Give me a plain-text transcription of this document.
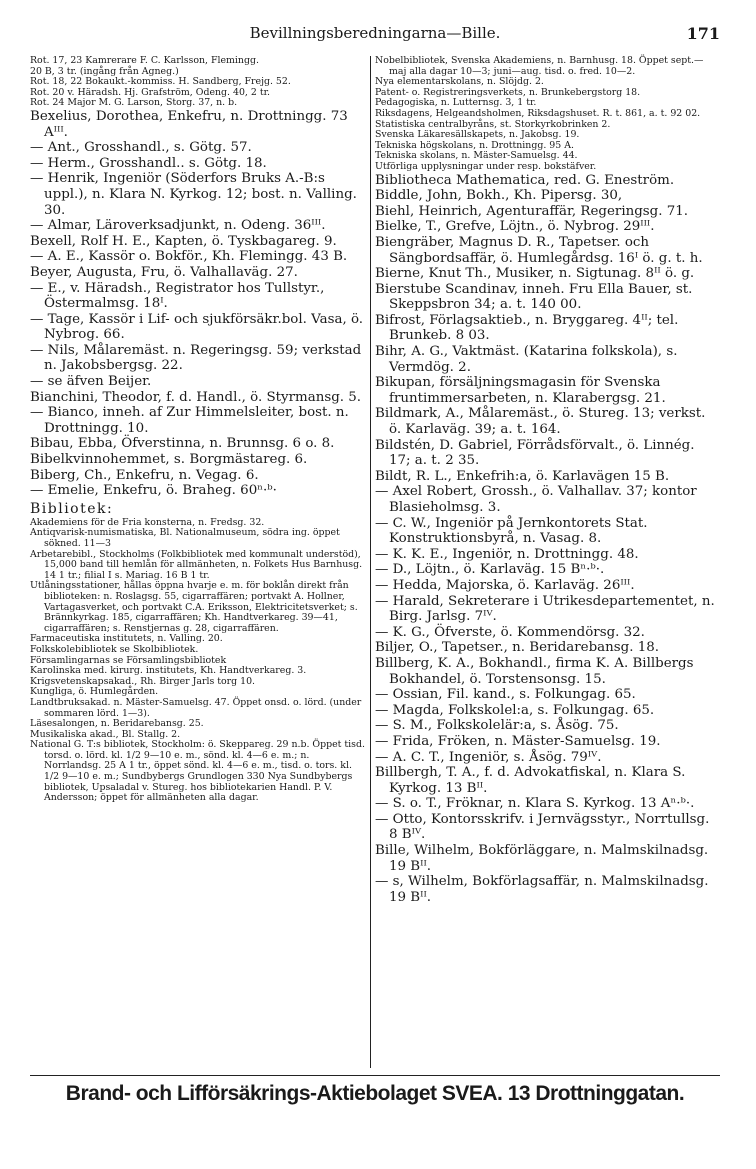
Bevillningsberedningarna—Bille.	171

Rot. 17, 23 Kamrerare F. C. Karlsson, Flemingg.

20 B, 3 tr. (ingång från Agneg.)

Rot. 18, 22 Bokaukt.-kommiss. H. Sandberg, Frejg. 52.

Rot. 20 v. Häradsh. Hj. Grafström, Odeng. 40, 2 tr.

Rot. 24 Major M. G. Larson, Storg. 37, n. b.

Bexelius, Dorothea, Enkefru, n. Drottningg. 73 Aᴵᴵᴵ.

— Ant., Grosshandl., s. Götg. 57.

— Herm., Grosshandl.. s. Götg. 18.

— Henrik, Ingeniör (Söderfors Bruks A.-B:s uppl.), n. Klara N. Kyrkog. 12; bost. n. Valling. 30.

— Almar, Läroverksadjunkt, n. Odeng. 36ᴵᴵᴵ.

Bexell, Rolf H. E., Kapten, ö. Tyskbagareg. 9.

— A. E., Kassör o. Bokför., Kh. Flemingg. 43 B.

Beyer, Augusta, Fru, ö. Valhallaväg. 27.

— E., v. Häradsh., Registrator hos Tullstyr., Östermalmsg. 18ᴵ.

— Tage, Kassör i Lif- och sjukförsäkr.bol. Vasa, ö. Nybrog. 66.

— Nils, Målaremäst. n. Regeringsg. 59; verkstad n. Jakobsbergsg. 22.

— se äfven Beijer.

Bianchini, Theodor, f. d. Handl., ö. Styrmansg. 5.

— Bianco, inneh. af Zur Himmelsleiter, bost. n. Drottningg. 10.

Bibau, Ebba, Öfverstinna, n. Brunnsg. 6 o. 8.

Bibelkvinnohemmet, s. Borgmästareg. 6.

Biberg, Ch., Enkefru, n. Vegag. 6.

— Emelie, Enkefru, ö. Braheg. 60ⁿ·ᵇ·

Bibliotek:

Akademiens för de Fria konsterna, n. Fredsg. 32.

Antiqvarisk-numismatiska, Bl. Nationalmuseum, södra ing. öppet sökned. 11—3

Arbetarebibl., Stockholms (Folkbibliotek med kommunalt understöd), 15,000 band till hemlån för allmänheten, n. Folkets Hus Barnhusg. 14 1 tr.; filial I s. Mariag. 16 B 1 tr.

Utlåningsstationer, hållas öppna hvarje e. m. för boklån direkt från biblioteken: n. Roslagsg. 55, cigarraffären; portvakt A. Hollner, Vartagasverket, och portvakt C.A. Eriksson, Elektricitetsverket; s. Brännkyrkag. 185, cigarraffären; Kh. Handtverkareg. 39—41, cigarraffären; s. Renstjernas g. 28, cigarraffären.

Farmaceutiska institutets, n. Valling. 20.

Folkskolebibliotek se Skolbibliotek.

Församlingarnas se Församlingsbibliotek

Karolinska med. kirurg. institutets, Kh. Handtverkareg. 3.

Krigsvetenskapsakad., Rh. Birger Jarls torg 10.

Kungliga, ö. Humlegården.

Landtbruksakad. n. Mäster-Samuelsg. 47. Öppet onsd. o. lörd. (under sommaren lörd. 1—3).

Läsesalongen, n. Beridarebansg. 25.

Musikaliska akad., Bl. Stallg. 2.

National G. T:s bibliotek, Stockholm: ö. Skeppareg. 29 n.b. Öppet tisd. torsd. o. lörd. kl. 1/2 9—10 e. m., sönd. kl. 4—6 e. m.; n. Norrlandsg. 25 A 1 tr., öppet sönd. kl. 4—6 e. m., tisd. o. tors. kl. 1/2 9—10 e. m.; Sundbybergs Grundlogen 330 Nya Sundbybergs bibliotek, Upsaladal v. Stureg. hos bibliotekarien Handl. P. V. Andersson; öppet för allmänheten alla dagar.

Nobelbibliotek, Svenska Akademiens, n. Barnhusg. 18. Öppet sept.—maj alla dagar 10—3; juni—aug. tisd. o. fred. 10—2.

Nya elementarskolans, n. Slöjdg. 2.

Patent- o. Registreringsverkets, n. Brunkebergstorg 18.

Pedagogiska, n. Lutternsg. 3, 1 tr.

Riksdagens, Helgeandsholmen, Riksdagshuset. R. t. 861, a. t. 92 02.

Statistiska centralbyråns, st. Storkyrkobrinken 2.

Svenska Läkaresällskapets, n. Jakobsg. 19.

Tekniska högskolans, n. Drottningg. 95 A.

Tekniska skolans, n. Mäster-Samuelsg. 44.

Utförliga upplysningar under resp. bokstäfver.

Bibliotheca Mathematica, red. G. Eneström.

Biddle, John, Bokh., Kh. Pipersg. 30,

Biehl, Heinrich, Agenturaffär, Regeringsg. 71.

Bielke, T., Grefve, Löjtn., ö. Nybrog. 29ᴵᴵᴵ.

Biengräber, Magnus D. R., Tapetser. och Sängbordsaffär, ö. Humlegårdsg. 16ᴵ ö. g. t. h.

Bierne, Knut Th., Musiker, n. Sigtunag. 8ᴵᴵ ö. g.

Bierstube Scandinav, inneh. Fru Ella Bauer, st. Skeppsbron 34; a. t. 140 00.

Bifrost, Förlagsaktieb., n. Bryggareg. 4ᴵᴵ; tel. Brunkeb. 8 03.

Bihr, A. G., Vaktmäst. (Katarina folkskola), s. Vermdög. 2.

Bikupan, försäljningsmagasin för Svenska fruntimmersarbeten, n. Klarabergsg. 21.

Bildmark, A., Målaremäst., ö. Stureg. 13; verkst. ö. Karlaväg. 39; a. t. 164.

Bildstén, D. Gabriel, Förrådsförvalt., ö. Linnég. 17; a. t. 2 35.

Bildt, R. L., Enkefrih:a, ö. Karlavägen 15 B.

— Axel Robert, Grossh., ö. Valhallav. 37; kontor Blasieholmsg. 3.

— C. W., Ingeniör på Jernkontorets Stat. Konstruktionsbyrå, n. Vasag. 8.

— K. K. E., Ingeniör, n. Drottningg. 48.

— D., Löjtn., ö. Karlaväg. 15 Bⁿ·ᵇ·.

— Hedda, Majorska, ö. Karlaväg. 26ᴵᴵᴵ.

— Harald, Sekreterare i Utrikesdepartementet, n. Birg. Jarlsg. 7ᴵⱽ.

— K. G., Öfverste, ö. Kommendörsg. 32.

Biljer, O., Tapetser., n. Beridarebansg. 18.

Billberg, K. A., Bokhandl., firma K. A. Billbergs Bokhandel, ö. Torstensonsg. 15.

— Ossian, Fil. kand., s. Folkungag. 65.

— Magda, Folkskolel:a, s. Folkungag. 65.

— S. M., Folkskolelär:a, s. Åsög. 75.

— Frida, Fröken, n. Mäster-Samuelsg. 19.

— A. C. T., Ingeniör, s. Åsög. 79ᴵⱽ.

Billbergh, T. A., f. d. Advokatfiskal, n. Klara S. Kyrkog. 13 Bᴵᴵ.

— S. o. T., Fröknar, n. Klara S. Kyrkog. 13 Aⁿ·ᵇ·.

— Otto, Kontorsskrifv. i Jernvägsstyr., Norrtullsg. 8 Bᴵⱽ.

Bille, Wilhelm, Bokförläggare, n. Malmskilnadsg. 19 Bᴵᴵ.

— s, Wilhelm, Bokförlagsaffär, n. Malmskilnadsg. 19 Bᴵᴵ.

Brand- och Lifförsäkrings-Aktiebolaget SVEA. 13 Drottninggatan.
